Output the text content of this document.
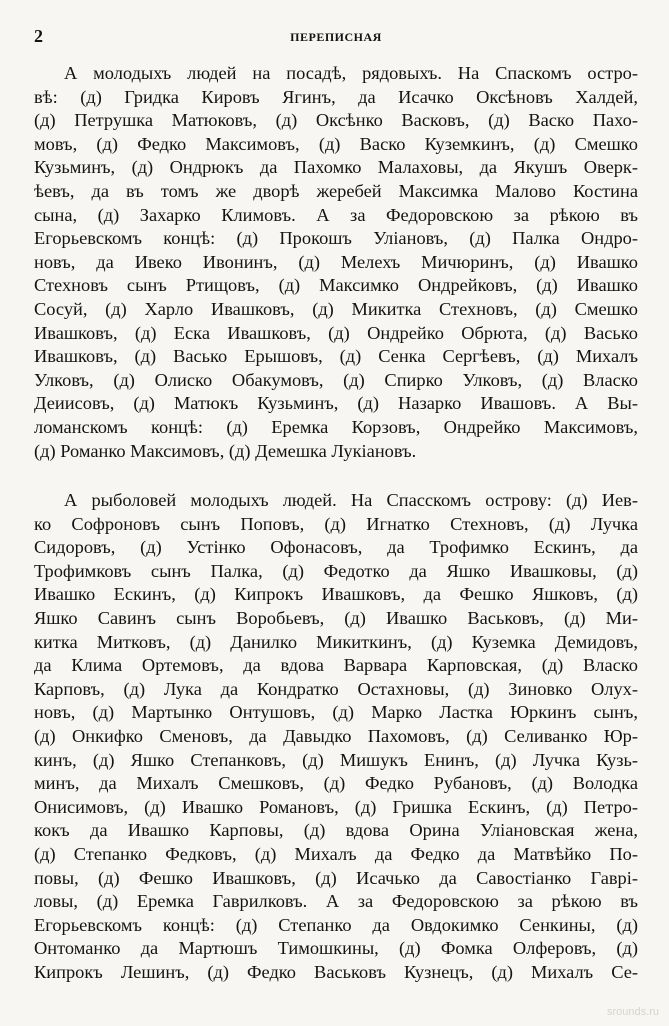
2	ПЕРЕПИСНАЯ
А молодыхъ людей на посадѣ, рядовыхъ. На Спаскомъ остро-
вѣ: (д) Гридка Кировъ Ягинъ, да Исачко Оксѣновъ Халдей,
(д) Петрушка Матюковъ, (д) Оксѣнко Васковъ, (д) Васко Пахо-
мовъ, (д) Федко Максимовъ, (д) Васко Куземкинъ, (д) Смешко
Кузьминъ, (д) Ондрюкъ да Пахомко Малаховы, да Якушъ Оверк-
ѣевъ, да въ томъ же дворѣ жеребей Максимка Малово Костина
сына, (д) Захарко Климовъ. А за Федоровскою за рѣкою въ
Егорьевскомъ концѣ: (д) Прокошъ Уліановъ, (д) Палка Ондро-
новъ, да Ивеко Ивонинъ, (д) Мелехъ Мичюринъ, (д) Ивашко
Стехновъ сынъ Ртищовъ, (д) Максимко Ондрейковъ, (д) Ивашко
Сосуй, (д) Харло Ивашковъ, (д) Микитка Стехновъ, (д) Смешко
Ивашковъ, (д) Еска Ивашковъ, (д) Ондрейко Обрюта, (д) Васько
Ивашковъ, (д) Васько Ерышовъ, (д) Сенка Сергѣевъ, (д) Михалъ
Улковъ, (д) Олиско Обакумовъ, (д) Спирко Улковъ, (д) Власко
Деиисовъ, (д) Матюкъ Кузьминъ, (д) Назарко Ивашовъ. А Вы-
ломанскомъ концѣ: (д) Еремка Корзовъ, Ондрейко Максимовъ,
(д) Романко Максимовъ, (д) Демешка Лукіановъ.
А рыболовей молодыхъ людей. На Спасскомъ острову: (д) Иев-
ко Софроновъ сынъ Поповъ, (д) Игнатко Стехновъ, (д) Лучка
Сидоровъ, (д) Устінко Офонасовъ, да Трофимко Ескинъ, да
Трофимковъ сынъ Палка, (д) Федотко да Яшко Ивашковы, (д)
Ивашко Ескинъ, (д) Кипрокъ Ивашковъ, да Фешко Яшковъ, (д)
Яшко Савинъ сынъ Воробьевъ, (д) Ивашко Васьковъ, (д) Ми-
китка Митковъ, (д) Данилко Микиткинъ, (д) Куземка Демидовъ,
да Клима Ортемовъ, да вдова Варвара Карповская, (д) Власко
Карповъ, (д) Лука да Кондратко Остахновы, (д) Зиновко Олух-
новъ, (д) Мартынко Онтушовъ, (д) Марко Ластка Юркинъ сынъ,
(д) Онкифко Сменовъ, да Давыдко Пахомовъ, (д) Селиванко Юр-
кинъ, (д) Яшко Степанковъ, (д) Мишукъ Енинъ, (д) Лучка Кузь-
минъ, да Михалъ Смешковъ, (д) Федко Рубановъ, (д) Володка
Онисимовъ, (д) Ивашко Романовъ, (д) Гришка Ескинъ, (д) Петро-
кокъ да Ивашко Карповы, (д) вдова Орина Уліановская жена,
(д) Степанко Федковъ, (д) Михалъ да Федко да Матвѣйко По-
повы, (д) Фешко Ивашковъ, (д) Исачько да Савостіанко Гаврі-
ловы, (д) Еремка Гаврилковъ. А за Федоровскою за рѣкою въ
Егорьевскомъ концѣ: (д) Степанко да Овдокимко Сенкины, (д)
Онтоманко да Мартюшъ Тимошкины, (д) Фомка Олферовъ, (д)
Кипрокъ Лешинъ, (д) Федко Васьковъ Кузнецъ, (д) Михалъ Се-
srounds.ru
